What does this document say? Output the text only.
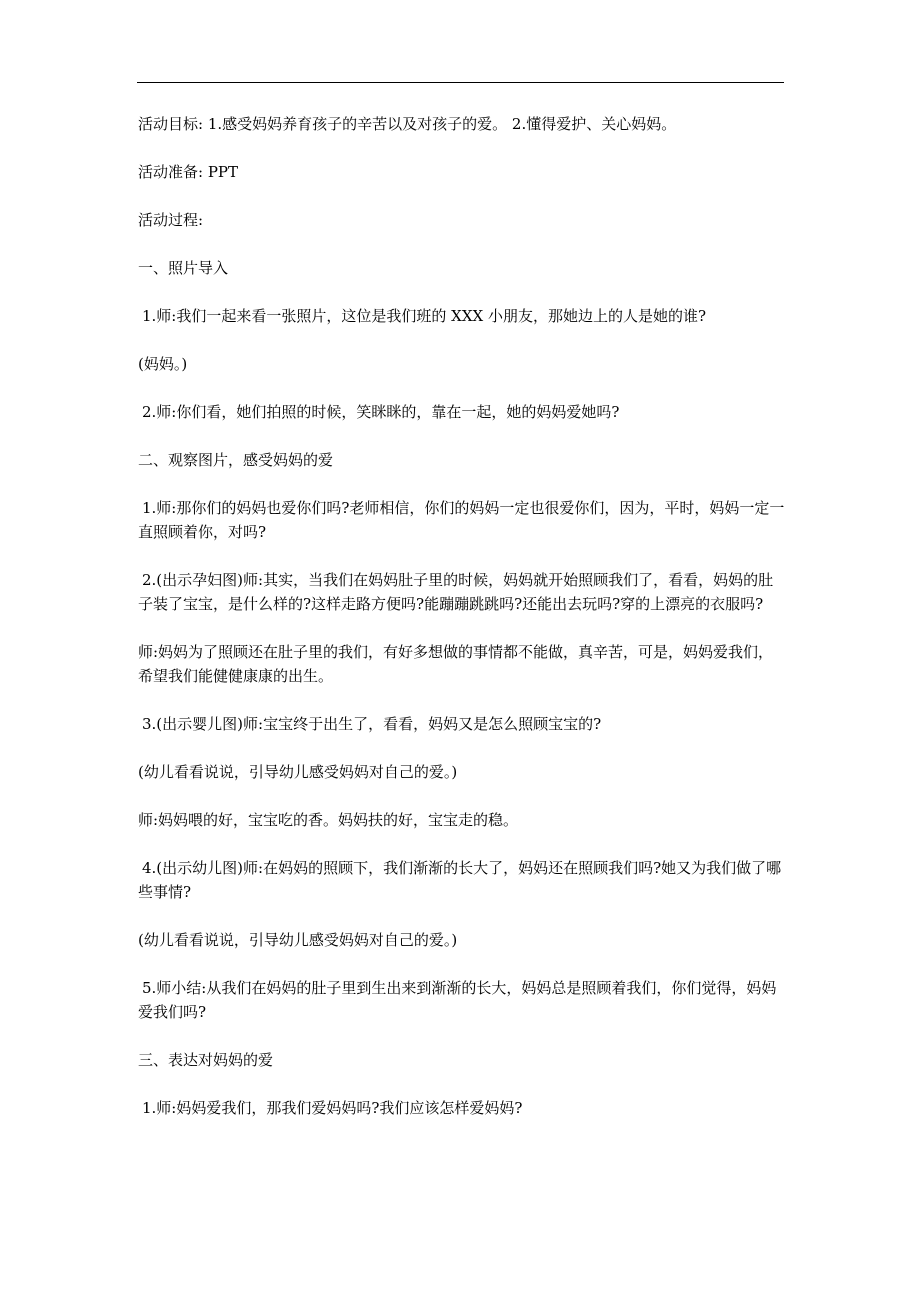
活动目标: 1.感受妈妈养育孩子的辛苦以及对孩子的爱。 2.懂得爱护、关心妈妈。

活动准备: PPT

活动过程:

一、照片导入

1.师:我们一起来看一张照片，这位是我们班的 XXX 小朋友，那她边上的人是她的谁?

(妈妈。)

2.师:你们看，她们拍照的时候，笑眯眯的，靠在一起，她的妈妈爱她吗?

二、观察图片，感受妈妈的爱

1.师:那你们的妈妈也爱你们吗?老师相信，你们的妈妈一定也很爱你们，因为，平时，妈妈一定一直照顾着你，对吗?

2.(出示孕妇图)师:其实，当我们在妈妈肚子里的时候，妈妈就开始照顾我们了，看看，妈妈的肚子装了宝宝，是什么样的?这样走路方便吗?能蹦蹦跳跳吗?还能出去玩吗?穿的上漂亮的衣服吗?

师:妈妈为了照顾还在肚子里的我们，有好多想做的事情都不能做，真辛苦，可是，妈妈爱我们，希望我们能健健康康的出生。

3.(出示婴儿图)师:宝宝终于出生了，看看，妈妈又是怎么照顾宝宝的?

(幼儿看看说说，引导幼儿感受妈妈对自己的爱。)

师:妈妈喂的好，宝宝吃的香。妈妈扶的好，宝宝走的稳。

4.(出示幼儿图)师:在妈妈的照顾下，我们渐渐的长大了，妈妈还在照顾我们吗?她又为我们做了哪些事情?

(幼儿看看说说，引导幼儿感受妈妈对自己的爱。)

5.师小结:从我们在妈妈的肚子里到生出来到渐渐的长大，妈妈总是照顾着我们，你们觉得，妈妈爱我们吗?

三、表达对妈妈的爱

1.师:妈妈爱我们，那我们爱妈妈吗?我们应该怎样爱妈妈?
